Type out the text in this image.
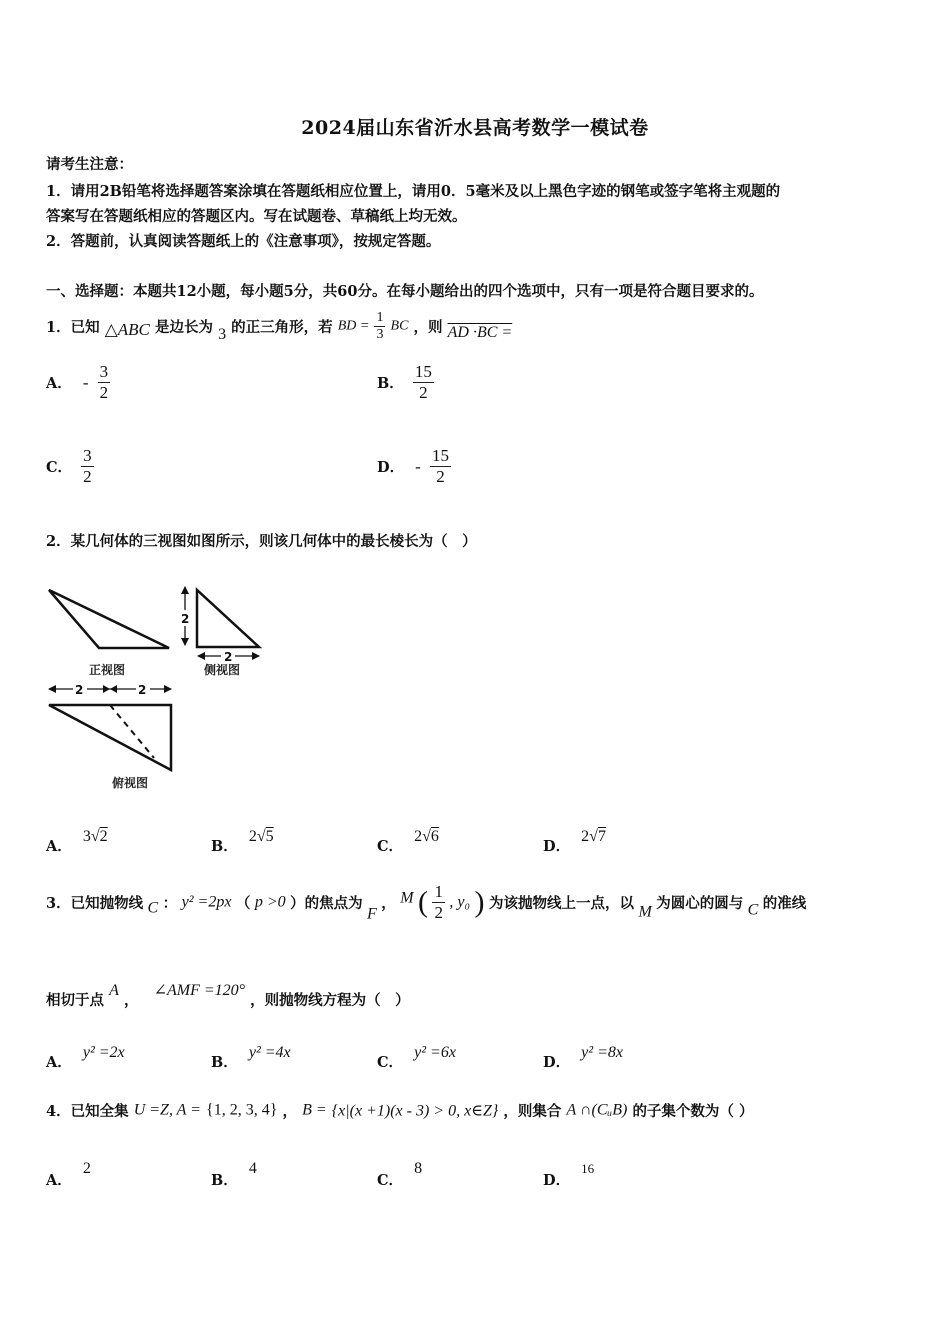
2024届山东省沂水县高考数学一模试卷
请考生注意：
1．请用2B铅笔将选择题答案涂填在答题纸相应位置上，请用0．5毫米及以上黑色字迹的钢笔或签字笔将主观题的
答案写在答题纸相应的答题区内。写在试题卷、草稿纸上均无效。
2．答题前，认真阅读答题纸上的《注意事项》，按规定答题。
一、选择题：本题共12小题，每小题5分，共60分。在每小题给出的四个选项中，只有一项是符合题目要求的。
1．已知 △ABC 是边长为 3 的正三角形，若 BD = $\frac{1}{3}$ BC ，则 AD ·BC =
A． - $\frac{3}{2}$	B． $\frac{15}{2}$
C． $\frac{3}{2}$	D． - $\frac{15}{2}$
2．某几何体的三视图如图所示，则该几何体中的最长棱长为（　）
正视图
2
2
侧视图
2	2
俯视图
A． 3√2
B． 2√5
C． 2√6
D． 2√7
3．已知抛物线 C ： y² =2px （ p >0 ）的焦点为 F ， M ( $\frac{1}{2}$ , y₀ ) 为该抛物线上一点，以 M 为圆心的圆与 C 的准线
相切于点 A ， ∠AMF =120° ，则抛物线方程为（　）
A． y² =2x
B． y² =4x
C． y² =6x
D． y² =8x
4．已知全集 U =Z, A = {1, 2, 3, 4} ， B = {x|(x +1)(x - 3) > 0, x∈Z} ，则集合 A ∩(CᵤB) 的子集个数为（ ）
A． 2
B． 4
C． 8
D． 16
